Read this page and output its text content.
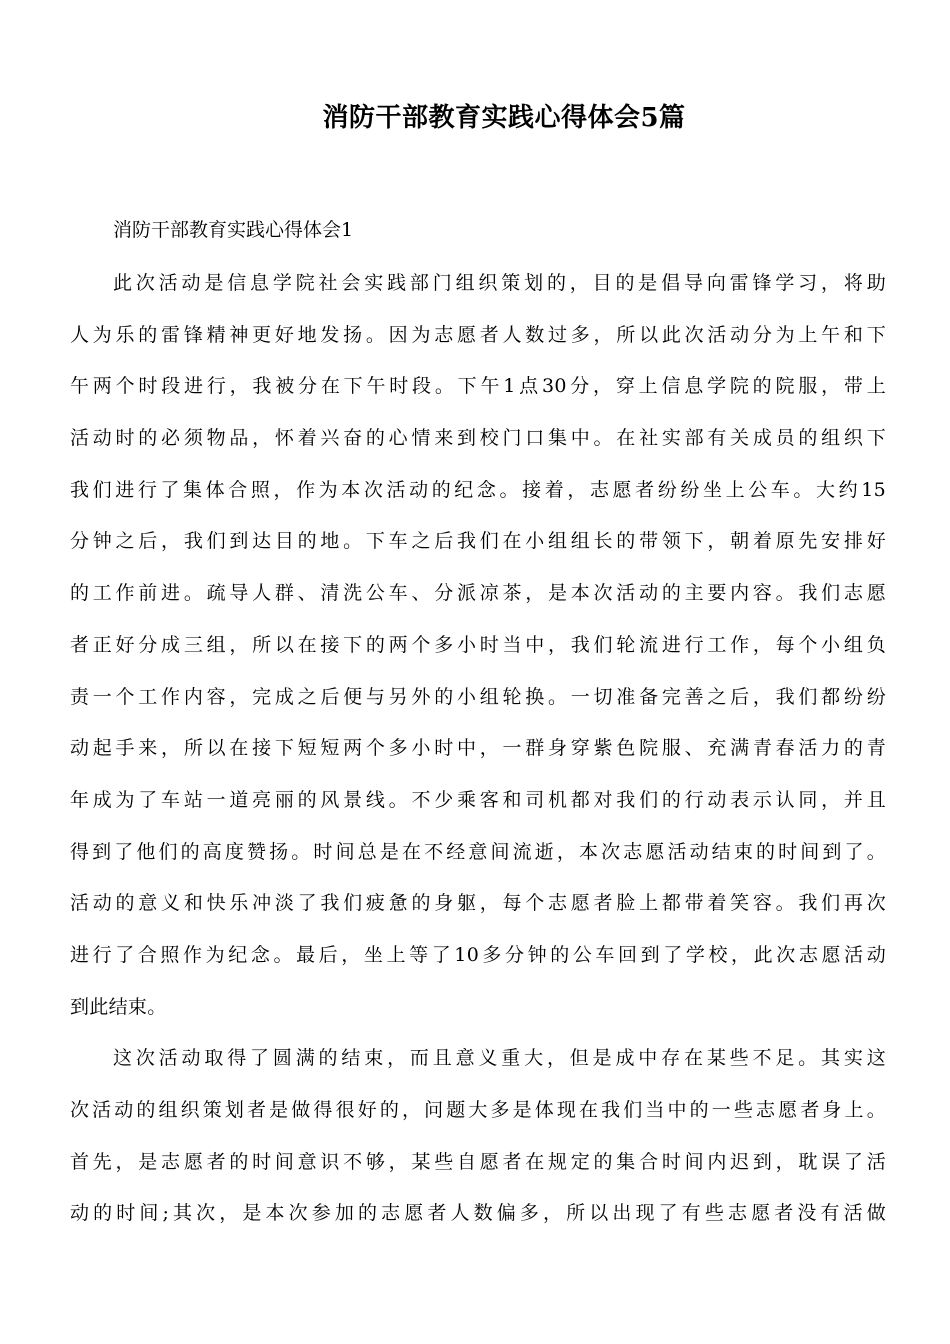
消防干部教育实践心得体会5篇

消防干部教育实践心得体会1

此次活动是信息学院社会实践部门组织策划的，目的是倡导向雷锋学习，将助
人为乐的雷锋精神更好地发扬。因为志愿者人数过多，所以此次活动分为上午和下
午两个时段进行，我被分在下午时段。下午1点30分，穿上信息学院的院服，带上
活动时的必须物品，怀着兴奋的心情来到校门口集中。在社实部有关成员的组织下
我们进行了集体合照，作为本次活动的纪念。接着，志愿者纷纷坐上公车。大约15
分钟之后，我们到达目的地。下车之后我们在小组组长的带领下，朝着原先安排好
的工作前进。疏导人群、清洗公车、分派凉茶，是本次活动的主要内容。我们志愿
者正好分成三组，所以在接下的两个多小时当中，我们轮流进行工作，每个小组负
责一个工作内容，完成之后便与另外的小组轮换。一切准备完善之后，我们都纷纷
动起手来，所以在接下短短两个多小时中，一群身穿紫色院服、充满青春活力的青
年成为了车站一道亮丽的风景线。不少乘客和司机都对我们的行动表示认同，并且
得到了他们的高度赞扬。时间总是在不经意间流逝，本次志愿活动结束的时间到了。
活动的意义和快乐冲淡了我们疲惫的身躯，每个志愿者脸上都带着笑容。我们再次
进行了合照作为纪念。最后，坐上等了10多分钟的公车回到了学校，此次志愿活动
到此结束。
这次活动取得了圆满的结束，而且意义重大，但是成中存在某些不足。其实这
次活动的组织策划者是做得很好的，问题大多是体现在我们当中的一些志愿者身上。
首先，是志愿者的时间意识不够，某些自愿者在规定的集合时间内迟到，耽误了活
动的时间;其次，是本次参加的志愿者人数偏多，所以出现了有些志愿者没有活做
